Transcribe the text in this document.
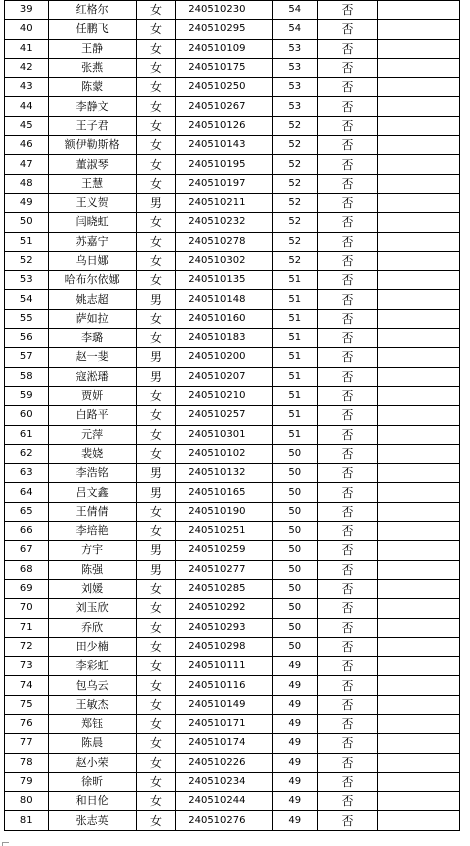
39	红格尔	女	240510230	54	否	
40	任鹏飞	女	240510295	54	否	
41	王静	女	240510109	53	否	
42	张燕	女	240510175	53	否	
43	陈蒙	女	240510250	53	否	
44	李静文	女	240510267	53	否	
45	王子君	女	240510126	52	否	
46	额伊勒斯格	女	240510143	52	否	
47	董淑琴	女	240510195	52	否	
48	王慧	女	240510197	52	否	
49	王义贺	男	240510211	52	否	
50	闫晓虹	女	240510232	52	否	
51	苏嘉宁	女	240510278	52	否	
52	乌日娜	女	240510302	52	否	
53	哈布尔依娜	女	240510135	51	否	
54	姚志超	男	240510148	51	否	
55	萨如拉	女	240510160	51	否	
56	李璐	女	240510183	51	否	
57	赵一斐	男	240510200	51	否	
58	寇淞璠	男	240510207	51	否	
59	贾妍	女	240510210	51	否	
60	白路平	女	240510257	51	否	
61	元萍	女	240510301	51	否	
62	裴娆	女	240510102	50	否	
63	李浩铭	男	240510132	50	否	
64	吕文鑫	男	240510165	50	否	
65	王倩倩	女	240510190	50	否	
66	李培艳	女	240510251	50	否	
67	方宇	男	240510259	50	否	
68	陈强	男	240510277	50	否	
69	刘媛	女	240510285	50	否	
70	刘玉欣	女	240510292	50	否	
71	乔欣	女	240510293	50	否	
72	田少楠	女	240510298	50	否	
73	李彩虹	女	240510111	49	否	
74	包乌云	女	240510116	49	否	
75	王敏杰	女	240510149	49	否	
76	郑钰	女	240510171	49	否	
77	陈晨	女	240510174	49	否	
78	赵小荣	女	240510226	49	否	
79	徐昕	女	240510234	49	否	
80	和日伦	女	240510244	49	否	
81	张志英	女	240510276	49	否	
